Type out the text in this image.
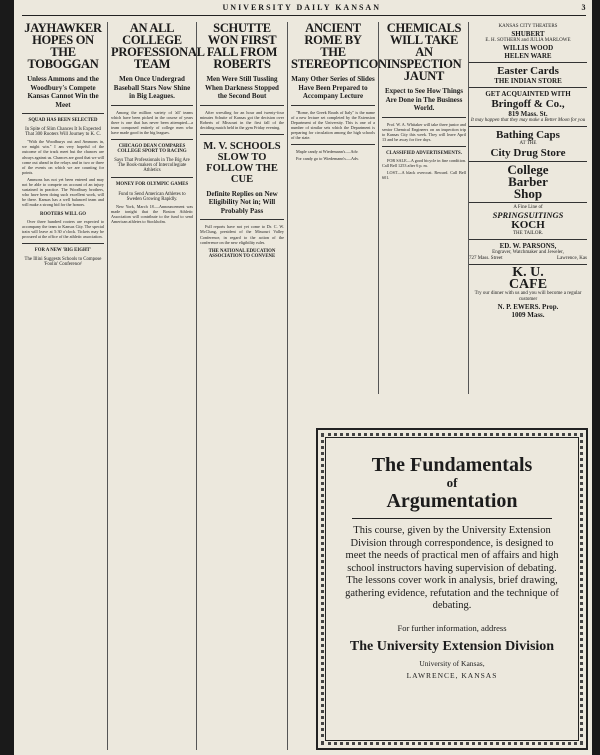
UNIVERSITY DAILY KANSAN	3
JAYHAWKER HOPES ON THE TOBOGGAN
Unless Ammons and the Woodbury's Compete Kansas Cannot Win the Meet
SQUAD HAS BEEN SELECTED
In Spite of Slim Chances It Is Expected That 300 Rooters Will Journey to K. C.

"With the Woodburys out and Ammons in, we might win." I am very hopeful of the outcome of the track meet but the chances are always against us. Chances are good that we will come out ahead in the relays and in two or three of the events on which we are counting for points.

Ammons has not yet been entered and may not be able to compete on account of an injury sustained in practice. The Woodbury brothers, who have been doing such excellent work, will be there. Kansas has a well balanced team and will make a strong bid for the honors.

ROOTERS WILL GO

Over three hundred rooters are expected to accompany the team to Kansas City. The special train will leave at 5:30 o'clock. Tickets may be procured at the office of the athletic association.

FOR A NEW 'BIG EIGHT'
The Illini Suggests Schools to Compose 'Foolin' Conference'
AN ALL COLLEGE PROFESSIONAL TEAM
Men Once Undergrad Baseball Stars Now Shine in Big Leagues.

Among the million variety of 'all' teams which have been picked in the course of years there is one that has never been attempted—a team composed entirely of college men who have made good in the big leagues.

CHICAGO DEAN COMPARES COLLEGE SPORT TO RACING
Says That Professionals in The Big Are The Book-makers of Intercollegiate Athletics
MONEY FOR OLYMPIC GAMES
Fund to Send American Athletes to Sweden Growing Rapidly.

New York, March 18.—Announcement was made tonight that the Boston Athletic Association will contribute to the fund to send American athletes to Stockholm.

SCHUTTE WON FIRST FALL FROM ROBERTS
Men Were Still Tussling When Darkness Stopped the Second Bout

After wrestling for an hour and twenty-four minutes Schutte of Kansas got the decision over Roberts of Missouri in the first fall of the deciding match held in the gym Friday evening.

M. V. SCHOOLS SLOW TO FOLLOW THE CUE
Definite Replies on New Eligibility Not in; Will Probably Pass

Full reports have not yet come to Dr. C. W. McClung, president of the Missouri Valley Conference, in regard to the action of the conference on the new eligibility rules.

THE NATIONAL EDUCATION ASSOCIATION TO CONVENE
ANCIENT ROME BY THE STEREOPTICON
Many Other Series of Slides Have Been Prepared to Accompany Lecture

"Rome, the Greek Roads of Italy" is the name of a new lecture set completed by the Extension Department of the University. This is one of a number of similar sets which the Department is preparing for circulation among the high schools of the state.

Maple candy at Wiedemann's.—Adv.

For candy go to Wiedemann's.—Adv.

CHEMICALS WILL TAKE AN INSPECTION JAUNT
Expect to See How Things Are Done in The Business World.

Prof. W. A. Whitaker will take three junior and senior Chemical Engineers on an inspection trip to Kansas City this week. They will leave April 13 and be away for five days.

CLASSIFIED ADVERTISEMENTS.

FOR SALE—A good bicycle in fine condition. Call Bell 1253 after 6 p. m.

LOST—A black overcoat. Reward. Call Bell 601.

KANSAS CITY THEATERS
SHUBERT
E. H. SOTHERN and JULIA MARLOWE
WILLIS WOOD
HELEN WARE
Easter Cards
THE INDIAN STORE
GET ACQUAINTED WITH
Bringoff & Co.,
819 Mass. St.
It may happen that they may make a Better Moon for you
Bathing Caps
AT THE
City Drug Store
College
Barber
Shop
A Fine Line of
SPRINGSUITINGS
KOCH
THE TAILOR.
ED. W. PARSONS,
Engraver, Watchmaker and Jeweler,
727 Mass. Street	Lawrence, Kas
K. U.
CAFE
Try our dinner with us and you will become a regular customer
N. P. EWERS. Prop.
1009 Mass.
The Fundamentals
of
Argumentation
This course, given by the University Extension Division through correspondence, is designed to meet the needs of practical men of affairs and high school instructors having supervision of debating. The lessons cover work in analysis, brief drawing, gathering evidence, refutation and the technique of debating.
For further information, address
The University Extension Division
University of Kansas,
LAWRENCE, KANSAS
